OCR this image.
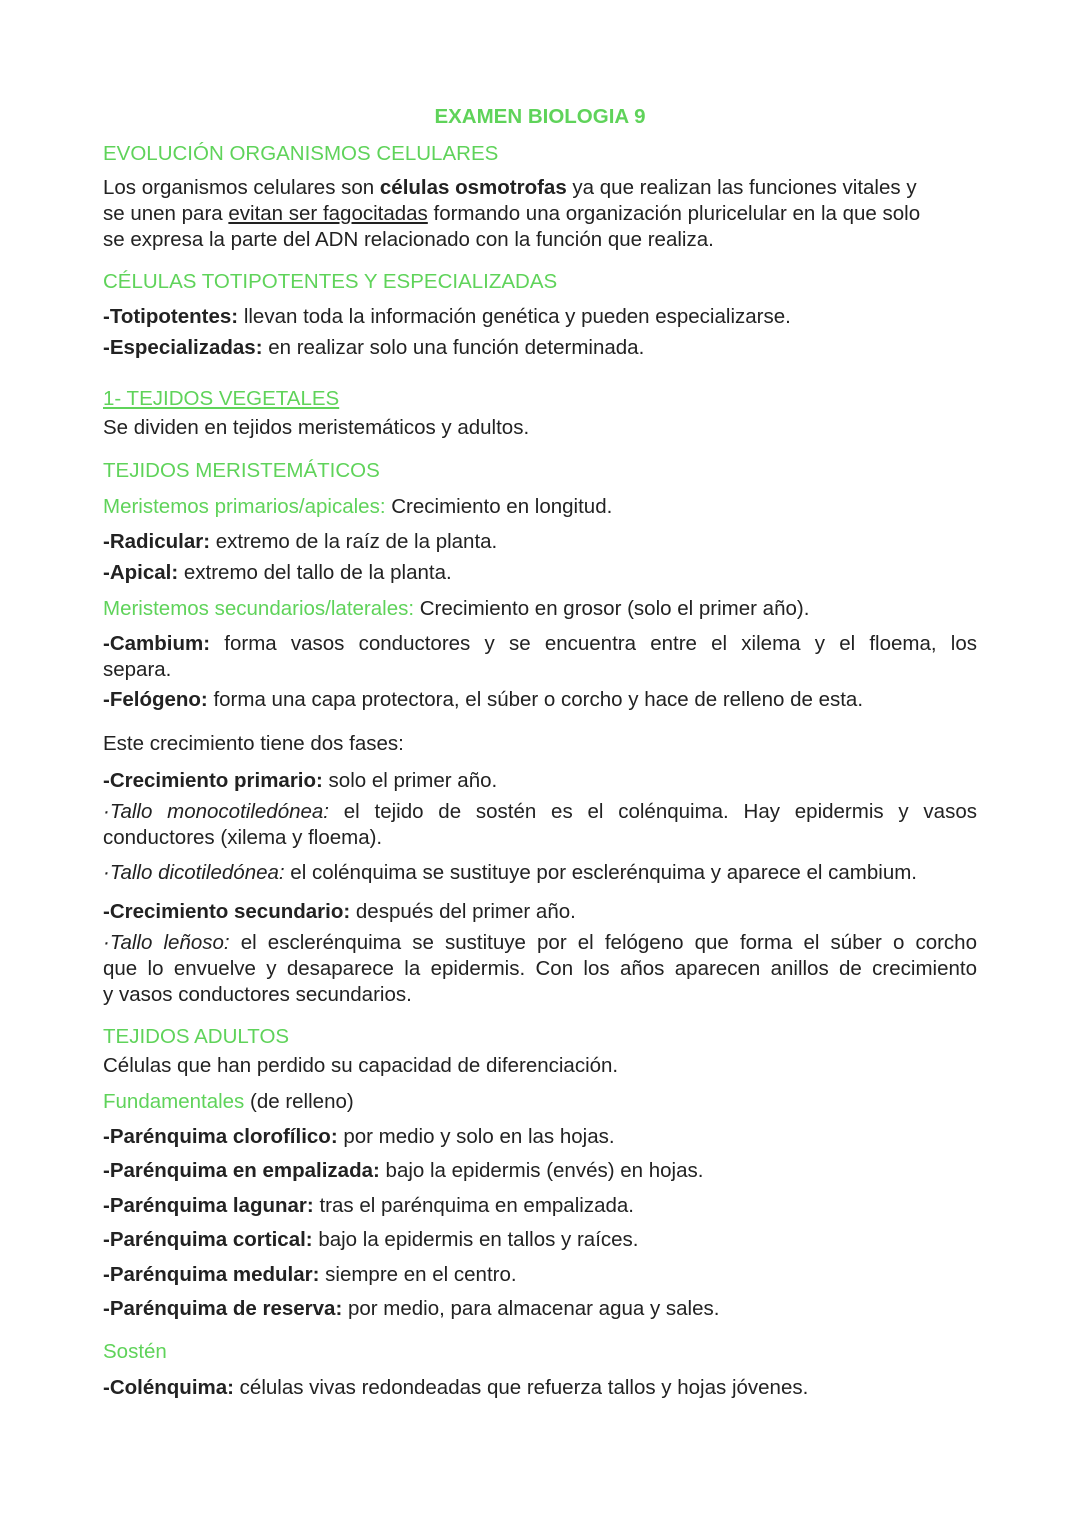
EXAMEN BIOLOGIA 9
EVOLUCIÓN ORGANISMOS CELULARES
Los organismos celulares son células osmotrofas ya que realizan las funciones vitales y
se unen para evitan ser fagocitadas formando una organización pluricelular en la que solo
se expresa la parte del ADN relacionado con la función que realiza.
CÉLULAS TOTIPOTENTES Y ESPECIALIZADAS
-Totipotentes: llevan toda la información genética y pueden especializarse.
-Especializadas: en realizar solo una función determinada.
1- TEJIDOS VEGETALES
Se dividen en tejidos meristemáticos y adultos.
TEJIDOS MERISTEMÁTICOS
Meristemos primarios/apicales: Crecimiento en longitud.
-Radicular: extremo de la raíz de la planta.
-Apical: extremo del tallo de la planta.
Meristemos secundarios/laterales: Crecimiento en grosor (solo el primer año).
-Cambium: forma vasos conductores y se encuentra entre el xilema y el floema, los
separa.
-Felógeno: forma una capa protectora, el súber o corcho y hace de relleno de esta.
Este crecimiento tiene dos fases:
-Crecimiento primario: solo el primer año.
·Tallo monocotiledónea: el tejido de sostén es el colénquima. Hay epidermis y vasos
conductores (xilema y floema).
·Tallo dicotiledónea: el colénquima se sustituye por esclerénquima y aparece el cambium.
-Crecimiento secundario: después del primer año.
·Tallo leñoso: el esclerénquima se sustituye por el felógeno que forma el súber o corcho
que lo envuelve y desaparece la epidermis. Con los años aparecen anillos de crecimiento
y vasos conductores secundarios.
TEJIDOS ADULTOS
Células que han perdido su capacidad de diferenciación.
Fundamentales (de relleno)
-Parénquima clorofílico: por medio y solo en las hojas.
-Parénquima en empalizada: bajo la epidermis (envés) en hojas.
-Parénquima lagunar: tras el parénquima en empalizada.
-Parénquima cortical: bajo la epidermis en tallos y raíces.
-Parénquima medular: siempre en el centro.
-Parénquima de reserva: por medio, para almacenar agua y sales.
Sostén
-Colénquima: células vivas redondeadas que refuerza tallos y hojas jóvenes.
